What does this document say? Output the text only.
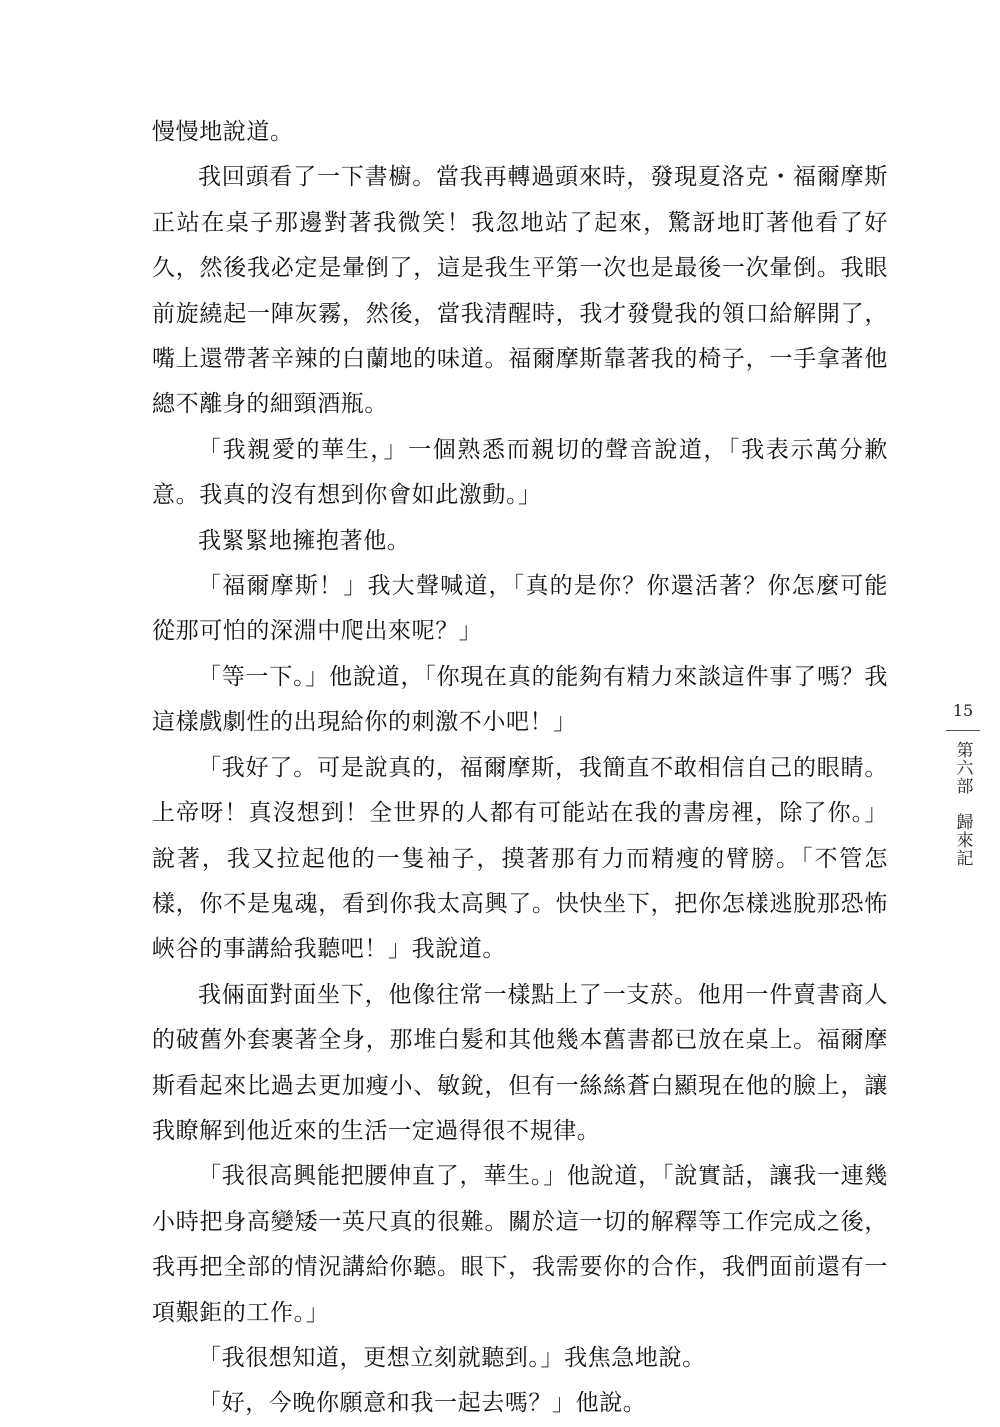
慢慢地說道。

我回頭看了一下書櫥。當我再轉過頭來時，發現夏洛克・福爾摩斯正站在桌子那邊對著我微笑！我忽地站了起來，驚訝地盯著他看了好久，然後我必定是暈倒了，這是我生平第一次也是最後一次暈倒。我眼前旋繞起一陣灰霧，然後，當我清醒時，我才發覺我的領口給解開了，嘴上還帶著辛辣的白蘭地的味道。福爾摩斯靠著我的椅子，一手拿著他總不離身的細頸酒瓶。

「我親愛的華生，」一個熟悉而親切的聲音說道，「我表示萬分歉意。我真的沒有想到你會如此激動。」

我緊緊地擁抱著他。

「福爾摩斯！」我大聲喊道，「真的是你？你還活著？你怎麼可能從那可怕的深淵中爬出來呢？」

「等一下。」他說道，「你現在真的能夠有精力來談這件事了嗎？我這樣戲劇性的出現給你的刺激不小吧！」

「我好了。可是說真的，福爾摩斯，我簡直不敢相信自己的眼睛。上帝呀！真沒想到！全世界的人都有可能站在我的書房裡，除了你。」說著，我又拉起他的一隻袖子，摸著那有力而精瘦的臂膀。「不管怎樣，你不是鬼魂，看到你我太高興了。快快坐下，把你怎樣逃脫那恐怖峽谷的事講給我聽吧！」我說道。

我倆面對面坐下，他像往常一樣點上了一支菸。他用一件賣書商人的破舊外套裹著全身，那堆白髮和其他幾本舊書都已放在桌上。福爾摩斯看起來比過去更加瘦小、敏銳，但有一絲絲蒼白顯現在他的臉上，讓我瞭解到他近來的生活一定過得很不規律。

「我很高興能把腰伸直了，華生。」他說道，「說實話，讓我一連幾小時把身高變矮一英尺真的很難。關於這一切的解釋等工作完成之後，我再把全部的情況講給你聽。眼下，我需要你的合作，我們面前還有一項艱鉅的工作。」

「我很想知道，更想立刻就聽到。」我焦急地說。

「好，今晚你願意和我一起去嗎？」他說。

15
第六部
歸來記
